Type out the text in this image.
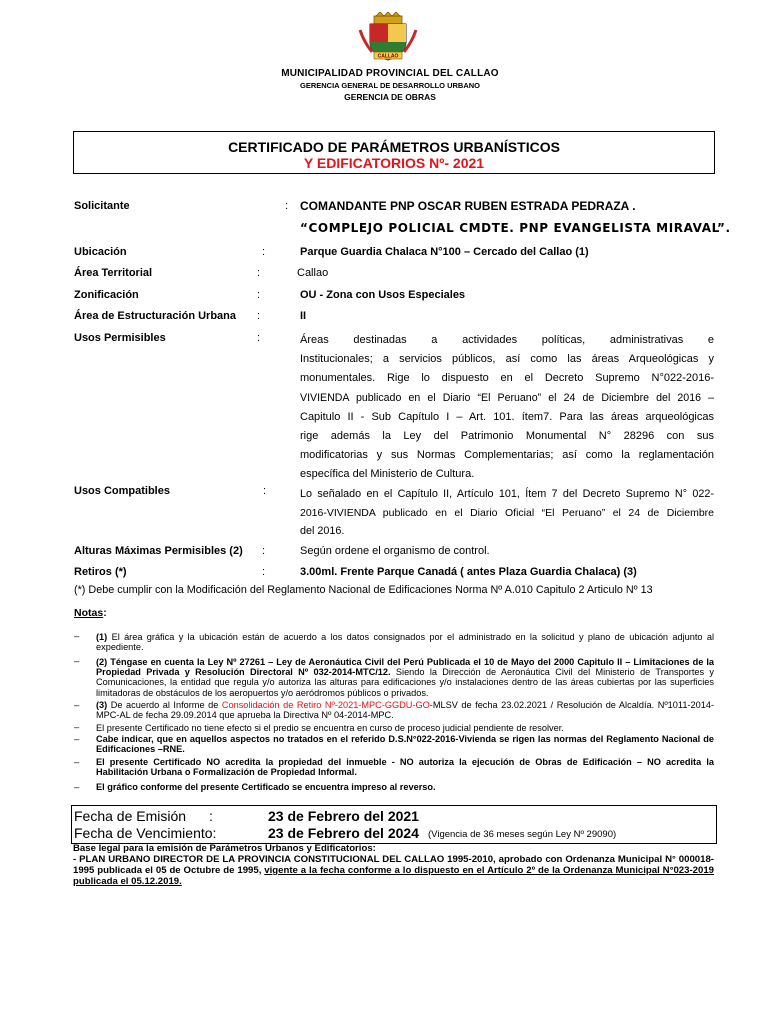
CALLAO
MUNICIPALIDAD PROVINCIAL DEL CALLAO
GERENCIA GENERAL DE DESARROLLO URBANO
GERENCIA DE OBRAS
CERTIFICADO DE PARÁMETROS URBANÍSTICOS
Y EDIFICATORIOS Nº- 2021
Solicitante	: COMANDANTE PNP OSCAR RUBEN ESTRADA PEDRAZA .
“COMPLEJO POLICIAL CMDTE. PNP EVANGELISTA MIRAVAL”.
Ubicación	:	Parque Guardia Chalaca N°100 – Cercado del Callao (1)
Área Territorial	:	Callao
Zonificación	:	OU - Zona con Usos Especiales
Área de Estructuración Urbana :	II
Usos Permisibles	:	Áreas destinadas a actividades políticas, administrativas e
Institucionales; a servicios públicos, así como las áreas Arqueológicas y
monumentales. Rige lo dispuesto en el Decreto Supremo N°022-2016-
VIVIENDA publicado en el Diario “El Peruano” el 24 de Diciembre del 2016 –
Capitulo II - Sub Capítulo I – Art. 101. ítem7. Para las áreas arqueológicas
rige además la Ley del Patrimonio Monumental N° 28296 con sus
modificatorias y sus Normas Complementarias; así como la reglamentación
específica del Ministerio de Cultura.
Usos Compatibles	:	Lo señalado en el Capítulo II, Artículo 101, Ítem 7 del Decreto Supremo N° 022-
2016-VIVIENDA publicado en el Diario Oficial “El Peruano” el 24 de Diciembre
del 2016.
Alturas Máximas Permisibles (2) :	Según ordene el organismo de control.
Retiros (*)	:	3.00ml. Frente Parque Canadá ( antes Plaza Guardia Chalaca) (3)
(*) Debe cumplir con la Modificación del Reglamento Nacional de Edificaciones Norma Nº A.010 Capitulo 2 Articulo Nº 13
Notas:
– (1) El área gráfica y la ubicación están de acuerdo a los datos consignados por el administrado en la solicitud y plano de ubicación adjunto al expediente.
– (2) Téngase en cuenta la Ley Nº 27261 – Ley de Aeronáutica Civil del Perú Publicada el 10 de Mayo del 2000 Capitulo II – Limitaciones de la Propiedad Privada y Resolución Directoral Nº 032-2014-MTC/12. Siendo la Dirección de Aeronáutica Civil del Ministerio de Transportes y Comunicaciones, la entidad que regula y/o autoriza las alturas para edificaciones y/o instalaciones dentro de las áreas cubiertas por las superficies limitadoras de obstáculos de los aeropuertos y/o aeródromos públicos o privados.
– (3) De acuerdo al Informe de Consolidación de Retiro Nº-2021-MPC-GGDU-GO-MLSV de fecha 23.02.2021 / Resolución de Alcaldía. Nº1011-2014-MPC-AL de fecha 29.09.2014 que aprueba la Directiva Nº 04-2014-MPC.
– El presente Certificado no tiene efecto si el predio se encuentra en curso de proceso judicial pendiente de resolver.
– Cabe indicar, que en aquellos aspectos no tratados en el referido D.S.N°022-2016-Vivienda se rigen las normas del Reglamento Nacional de Edificaciones –RNE.
– El presente Certificado NO acredita la propiedad del inmueble - NO autoriza la ejecución de Obras de Edificación – NO acredita la Habilitación Urbana o Formalización de Propiedad Informal.
– El gráfico conforme del presente Certificado se encuentra impreso al reverso.
Fecha de Emisión :	23 de Febrero del 2021
Fecha de Vencimiento:	23 de Febrero del 2024 (Vigencia de 36 meses según Ley Nº 29090)
Base legal para la emisión de Parámetros Urbanos y Edificatorios:
- PLAN URBANO DIRECTOR DE LA PROVINCIA CONSTITUCIONAL DEL CALLAO 1995-2010, aprobado con Ordenanza Municipal N° 000018-1995 publicada el 05 de Octubre de 1995, vigente a la fecha conforme a lo dispuesto en el Artículo 2º de la Ordenanza Municipal N°023-2019 publicada el 05.12.2019.
